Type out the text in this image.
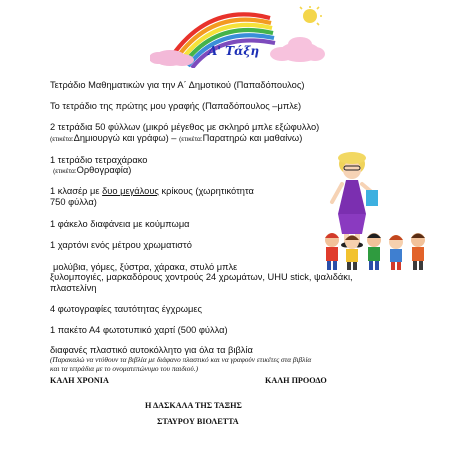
Α' Τάξη
Τετράδιο Μαθηματικών για την Α΄ Δημοτικού (Παπαδόπουλος)
Το τετράδιο της πρώτης μου γραφής (Παπαδόπουλος –μπλε)
2 τετράδια 50 φύλλων (μικρό μέγεθος με σκληρό μπλε εξώφυλλο)
(ετικέτα:Δημιουργώ και γράφω) – (ετικέτα:Παρατηρώ και μαθαίνω)
1 τετράδιο τετραχάρακο
(ετικέτα:Ορθογραφία)
1 κλασέρ με δυο μεγάλους κρίκους (χωρητικότητα
750 φύλλα)
1 φάκελο διαφάνεια με κούμπωμα
1 χαρτόνι ενός μέτρου χρωματιστό
μολύβια, γόμες, ξύστρα, χάρακα, στυλό μπλε
ξυλομπογιές, μαρκαδόρους χοντρούς 24 χρωμάτων, UHU stick, ψαλιδάκι,
πλαστελίνη
4 φωτογραφίες ταυτότητας έγχρωμες
1 πακέτο Α4 φωτοτυπικό χαρτί (500 φύλλα)
διαφανές πλαστικό αυτοκόλλητο για όλα τα βιβλία
(Παρακαλώ να ντύθουν τα βιβλία με διάφανο πλαστικό και να γραφούν ετικέτες στα βιβλία
και τα τετράδια με το ονοματεπώνυμο του παιδιού.)
ΚΑΛΗ ΧΡΟΝΙΑ	ΚΑΛΗ ΠΡΟΟΔΟ
Η ΔΑΣΚΑΛΑ ΤΗΣ ΤΑΞΗΣ
ΣΤΑΥΡΟΥ ΒΙΟΛΕΤΤΑ
